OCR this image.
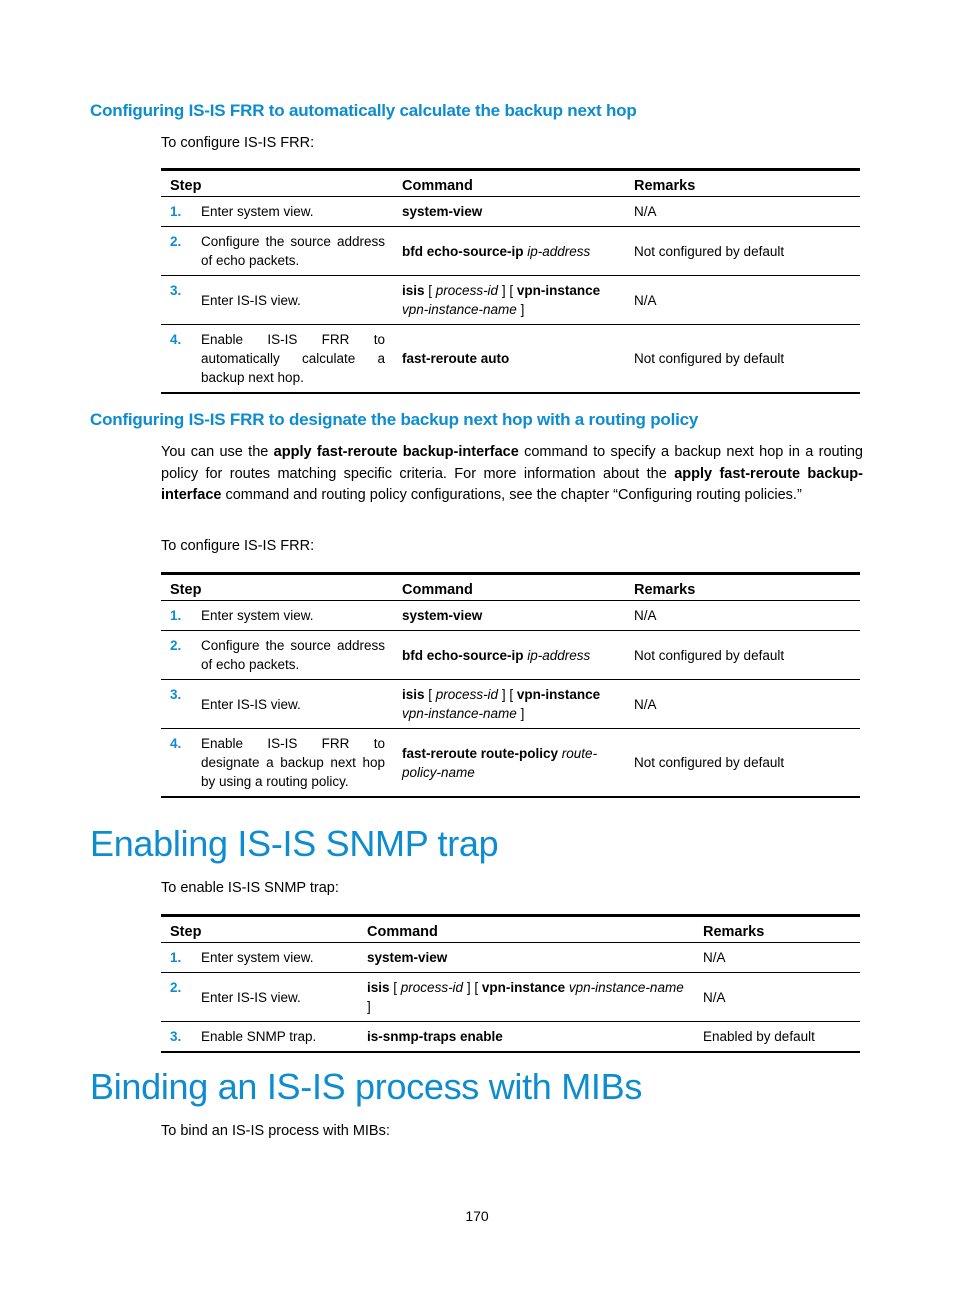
Configuring IS-IS FRR to automatically calculate the backup next hop

To configure IS-IS FRR:

Step		Command	Remarks
1.	Enter system view.	system-view	N/A
2.	Configure the source address of echo packets.	bfd echo-source-ip ip-address	Not configured by default
3.	Enter IS-IS view.	isis [ process-id ] [ vpn-instance vpn-instance-name ]	N/A
4.	Enable IS-IS FRR to automatically calculate a backup next hop.	fast-reroute auto	Not configured by default
Configuring IS-IS FRR to designate the backup next hop with a routing policy

You can use the apply fast-reroute backup-interface command to specify a backup next hop in a routing policy for routes matching specific criteria. For more information about the apply fast-reroute backup-interface command and routing policy configurations, see the chapter “Configuring routing policies.”

To configure IS-IS FRR:

Step		Command	Remarks
1.	Enter system view.	system-view	N/A
2.	Configure the source address of echo packets.	bfd echo-source-ip ip-address	Not configured by default
3.	Enter IS-IS view.	isis [ process-id ] [ vpn-instance vpn-instance-name ]	N/A
4.	Enable IS-IS FRR to designate a backup next hop by using a routing policy.	fast-reroute route-policy route-policy-name	Not configured by default
Enabling IS-IS SNMP trap

To enable IS-IS SNMP trap:

Step		Command	Remarks
1.	Enter system view.	system-view	N/A
2.	Enter IS-IS view.	isis [ process-id ] [ vpn-instance vpn-instance-name ]	N/A
3.	Enable SNMP trap.	is-snmp-traps enable	Enabled by default
Binding an IS-IS process with MIBs

To bind an IS-IS process with MIBs:

170
